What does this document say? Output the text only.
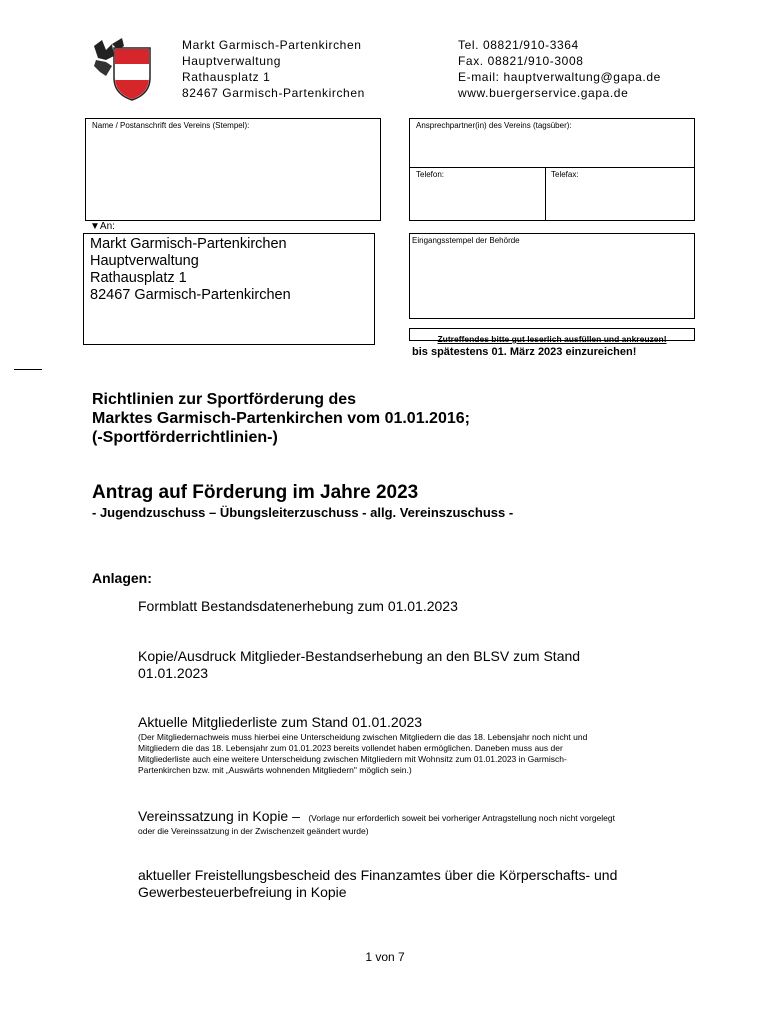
Markt Garmisch-Partenkirchen
Hauptverwaltung
Rathausplatz 1
82467 Garmisch-Partenkirchen
Tel. 08821/910-3364
Fax. 08821/910-3008
E-mail: hauptverwaltung@gapa.de
www.buergerservice.gapa.de
Name / Postanschrift des Vereins (Stempel):	Ansprechpartner(in) des Vereins (tagsüber):
Telefon:	Telefax:
▼An:
Markt Garmisch-Partenkirchen
Hauptverwaltung
Rathausplatz 1
82467 Garmisch-Partenkirchen
Eingangsstempel der Behörde
Zutreffendes bitte gut leserlich ausfüllen und ankreuzen!
bis spätestens 01. März 2023 einzureichen!
Richtlinien zur Sportförderung des
Marktes Garmisch-Partenkirchen vom 01.01.2016;
(-Sportförderrichtlinien-)
Antrag auf Förderung im Jahre 2023
- Jugendzuschuss – Übungsleiterzuschuss - allg. Vereinszuschuss -
Anlagen:
Formblatt Bestandsdatenerhebung zum 01.01.2023
Kopie/Ausdruck Mitglieder-Bestandserhebung an den BLSV zum Stand
01.01.2023
Aktuelle Mitgliederliste zum Stand 01.01.2023
(Der Mitgliedernachweis muss hierbei eine Unterscheidung zwischen Mitgliedern die das 18. Lebensjahr noch nicht und
Mitgliedern die das 18. Lebensjahr zum 01.01.2023 bereits vollendet haben ermöglichen. Daneben muss aus der
Mitgliederliste auch eine weitere Unterscheidung zwischen Mitgliedern mit Wohnsitz zum 01.01.2023 in Garmisch-
Partenkirchen bzw. mit „Auswärts wohnenden Mitgliedern" möglich sein.)
Vereinssatzung in Kopie – (Vorlage nur erforderlich soweit bei vorheriger Antragstellung noch nicht vorgelegt
oder die Vereinssatzung in der Zwischenzeit geändert wurde)
aktueller Freistellungsbescheid des Finanzamtes über die Körperschafts- und
Gewerbesteuerbefreiung in Kopie
1 von 7
